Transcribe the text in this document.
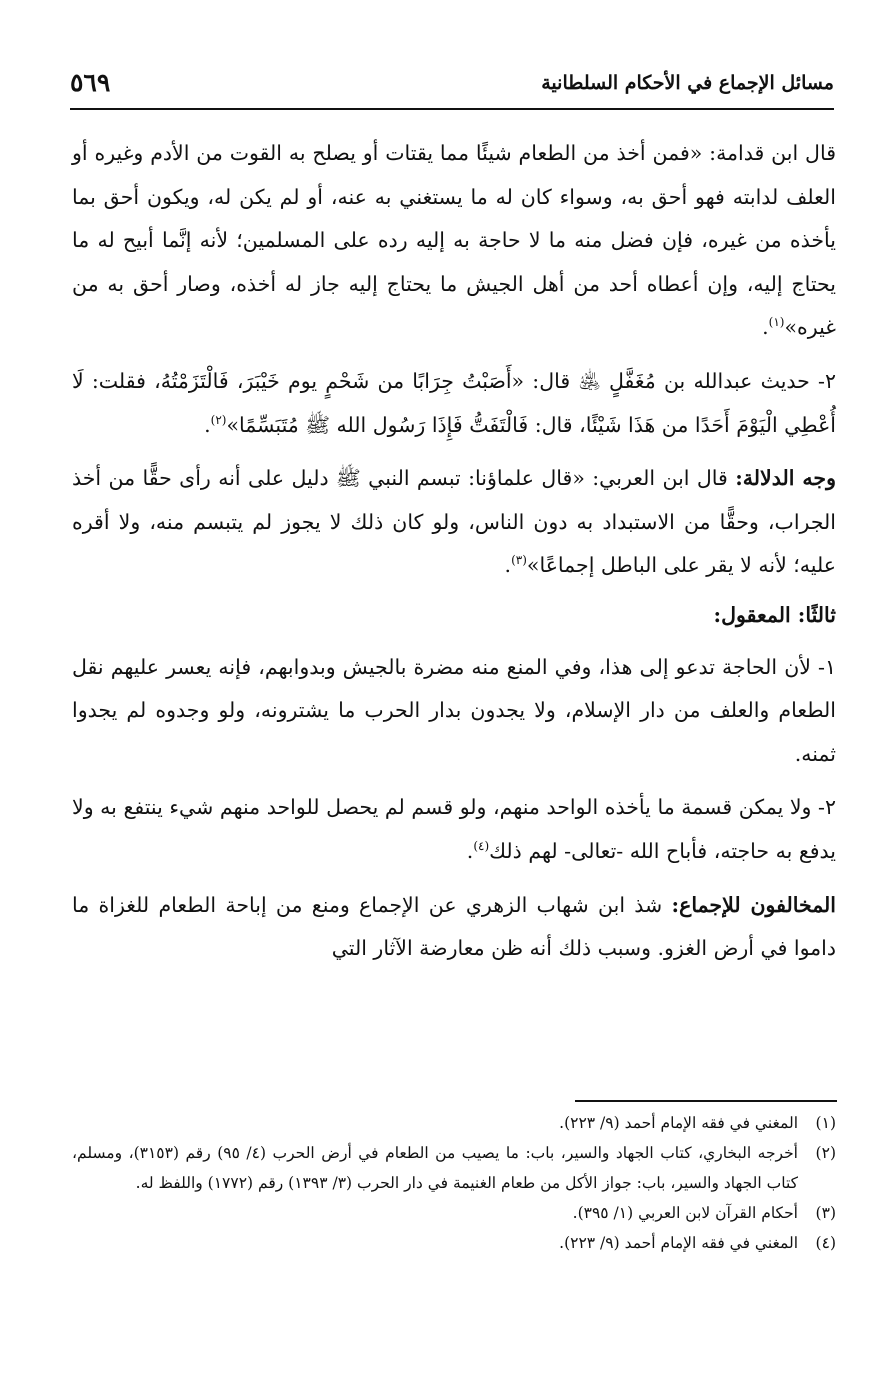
مسائل الإجماع في الأحكام السلطانية
٥٦٩

قال ابن قدامة: «فمن أخذ من الطعام شيئًا مما يقتات أو يصلح به القوت من الأدم وغيره أو العلف لدابته فهو أحق به، وسواء كان له ما يستغني به عنه، أو لم يكن له، ويكون أحق بما يأخذه من غيره، فإن فضل منه ما لا حاجة به إليه رده على المسلمين؛ لأنه إنَّما أبيح له ما يحتاج إليه، وإن أعطاه أحد من أهل الجيش ما يحتاج إليه جاز له أخذه، وصار أحق به من غيره»$^{(١)}$.

٢- حديث عبدالله بن مُغَفَّلٍ ﵁ قال: «أَصَبْتُ جِرَابًا من شَحْمٍ يوم خَيْبَرَ، فَالْتَزَمْتُهُ، فقلت: لَا أُعْطِي الْيَوْمَ أَحَدًا من هَذَا شَيْئًا، قال: فَالْتَفَتُّ فَإِذَا رَسُول الله ﷺ مُتَبَسِّمًا»$^{(٢)}$.

وجه الدلالة: قال ابن العربي: «قال علماؤنا: تبسم النبي ﷺ دليل على أنه رأى حقًّا من أخذ الجراب، وحقًّا من الاستبداد به دون الناس، ولو كان ذلك لا يجوز لم يتبسم منه، ولا أقره عليه؛ لأنه لا يقر على الباطل إجماعًا»$^{(٣)}$.

ثالثًا: المعقول:

١- لأن الحاجة تدعو إلى هذا، وفي المنع منه مضرة بالجيش وبدوابهم، فإنه يعسر عليهم نقل الطعام والعلف من دار الإسلام، ولا يجدون بدار الحرب ما يشترونه، ولو وجدوه لم يجدوا ثمنه.

٢- ولا يمكن قسمة ما يأخذه الواحد منهم، ولو قسم لم يحصل للواحد منهم شيء ينتفع به ولا يدفع به حاجته، فأباح الله -تعالى- لهم ذلك$^{(٤)}$.

المخالفون للإجماع: شذ ابن شهاب الزهري عن الإجماع ومنع من إباحة الطعام للغزاة ما داموا في أرض الغزو. وسبب ذلك أنه ظن معارضة الآثار التي

(١)
المغني في فقه الإمام أحمد (٩/ ٢٢٣).
(٢)
أخرجه البخاري، كتاب الجهاد والسير، باب: ما يصيب من الطعام في أرض الحرب (٤/ ٩٥) رقم (٣١٥٣)، ومسلم، كتاب الجهاد والسير، باب: جواز الأكل من طعام الغنيمة في دار الحرب (٣/ ١٣٩٣) رقم (١٧٧٢) واللفظ له.
(٣)
أحكام القرآن لابن العربي (١/ ٣٩٥).
(٤)
المغني في فقه الإمام أحمد (٩/ ٢٢٣).
